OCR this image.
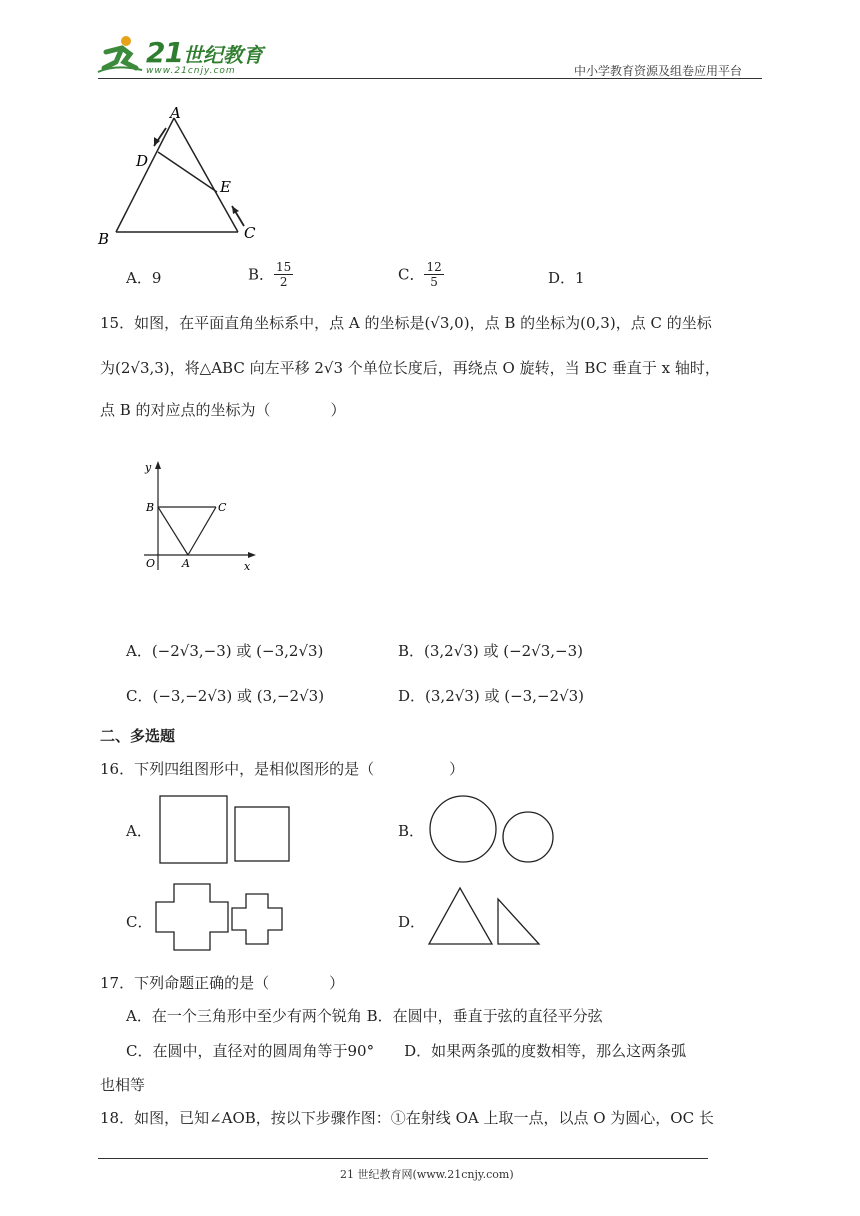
21世纪教育
www.21cnjy.com	中小学教育资源及组卷应用平台
A
D
E
B	C
A．9	B． $\frac{15}{2}$	C． $\frac{12}{5}$	D．1
15．如图，在平面直角坐标系中，点 A 的坐标是(√3,0)，点 B 的坐标为(0,3)，点 C 的坐标
为(2√3,3)，将△ABC 向左平移 2√3 个单位长度后，再绕点 O 旋转，当 BC 垂直于 x 轴时，
点 B 的对应点的坐标为（　　　　）
y
x
B	C
O A
A．(−2√3,−3) 或 (−3,2√3)	B．(3,2√3) 或 (−2√3,−3)
C．(−3,−2√3) 或 (3,−2√3)	D．(3,2√3) 或 (−3,−2√3)
二、多选题
16．下列四组图形中，是相似图形的是（　　　　　）
A．	B．
C．	D．
17．下列命题正确的是（　　　　）
A．在一个三角形中至少有两个锐角 B．在圆中，垂直于弦的直径平分弦
C．在圆中，直径对的圆周角等于90°　　D．如果两条弧的度数相等，那么这两条弧
也相等
18．如图，已知∠AOB，按以下步骤作图：①在射线 OA 上取一点，以点 O 为圆心，OC 长
21 世纪教育网(www.21cnjy.com)
